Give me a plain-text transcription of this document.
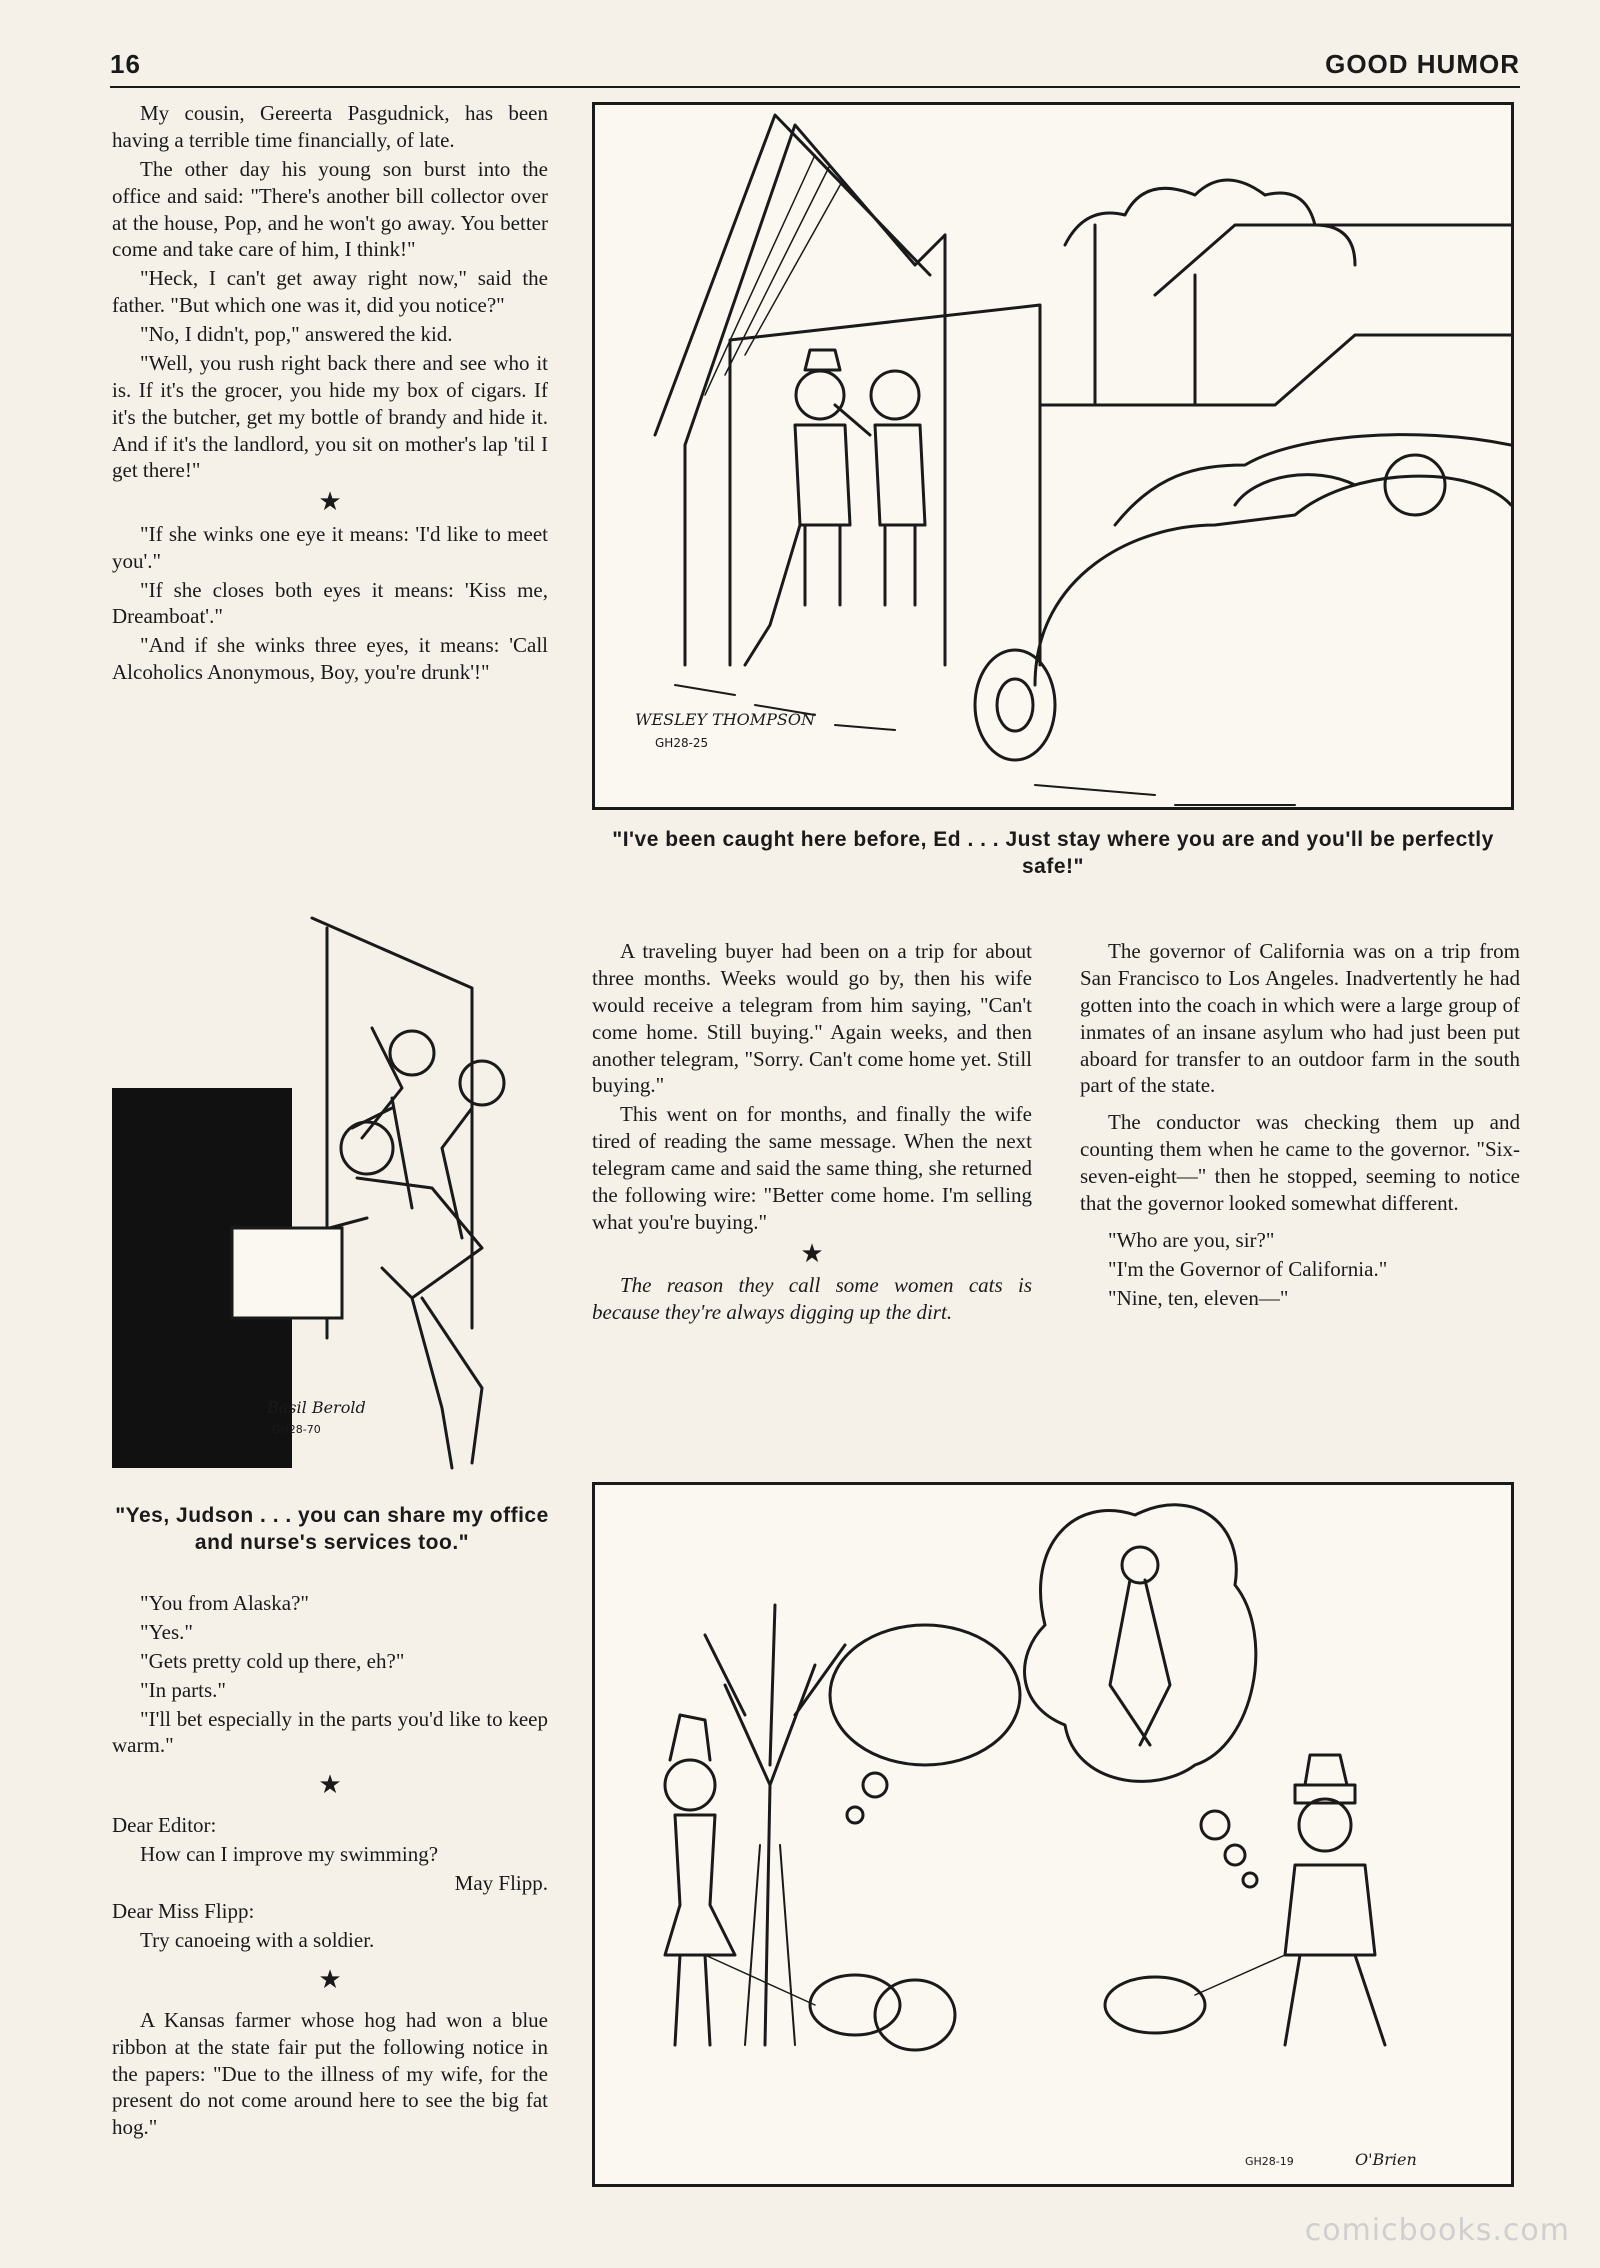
16	GOOD HUMOR

My cousin, Gereerta Pasgudnick, has been having a terrible time financially, of late.

The other day his young son burst into the office and said: "There's another bill collector over at the house, Pop, and he won't go away. You better come and take care of him, I think!"

"Heck, I can't get away right now," said the father. "But which one was it, did you notice?"

"No, I didn't, pop," answered the kid.

"Well, you rush right back there and see who it is. If it's the grocer, you hide my box of cigars. If it's the butcher, get my bottle of brandy and hide it. And if it's the landlord, you sit on mother's lap 'til I get there!"

★

"If she winks one eye it means: 'I'd like to meet you'."

"If she closes both eyes it means: 'Kiss me, Dreamboat'."

"And if she winks three eyes, it means: 'Call Alcoholics Anonymous, Boy, you're drunk'!"

WESLEY THOMPSON
GH28-25
"I've been caught here before, Ed . . . Just stay where you are and you'll be perfectly safe!"
Basil Berold
GH28-70
"Yes, Judson . . . you can share my office and nurse's services too."

A traveling buyer had been on a trip for about three months. Weeks would go by, then his wife would receive a telegram from him saying, "Can't come home. Still buying." Again weeks, and then another telegram, "Sorry. Can't come home yet. Still buying."

This went on for months, and finally the wife tired of reading the same message. When the next telegram came and said the same thing, she returned the following wire: "Better come home. I'm selling what you're buying."

★

The reason they call some women cats is because they're always digging up the dirt.

The governor of California was on a trip from San Francisco to Los Angeles. Inadvertently he had gotten into the coach in which were a large group of inmates of an insane asylum who had just been put aboard for transfer to an outdoor farm in the south part of the state.

The conductor was checking them up and counting them when he came to the governor. "Six-seven-eight—" then he stopped, seeming to notice that the governor looked somewhat different.

"Who are you, sir?"

"I'm the Governor of California."

"Nine, ten, eleven—"

"You from Alaska?"

"Yes."

"Gets pretty cold up there, eh?"

"In parts."

"I'll bet especially in the parts you'd like to keep warm."

★

Dear Editor:

How can I improve my swimming?

May Flipp.

Dear Miss Flipp:

Try canoeing with a soldier.

★

A Kansas farmer whose hog had won a blue ribbon at the state fair put the following notice in the papers: "Due to the illness of my wife, for the present do not come around here to see the big fat hog."

GH28-19	O'Brien
comicbooks.com
